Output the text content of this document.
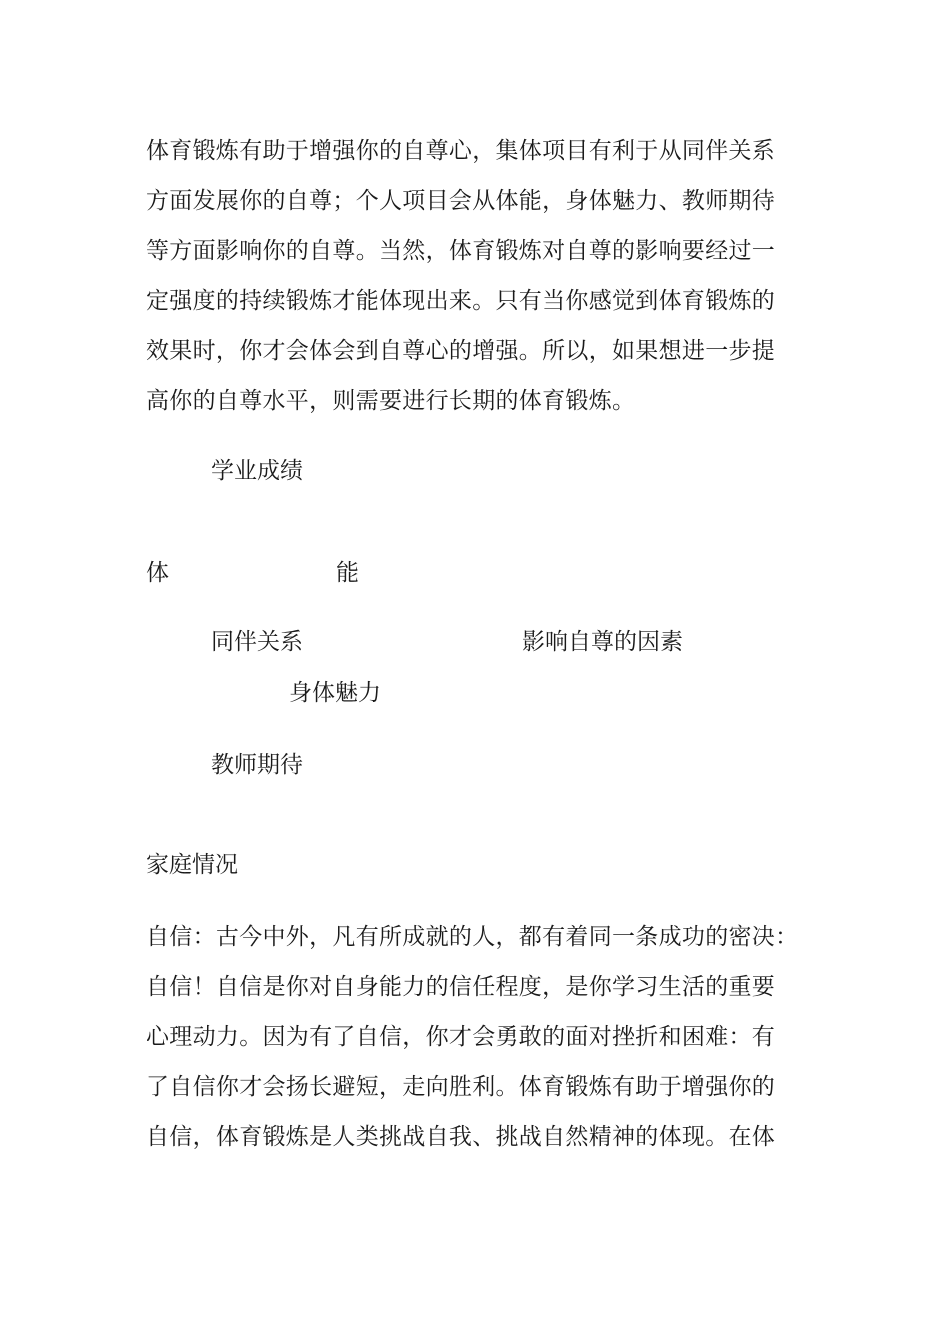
体育锻炼有助于增强你的自尊心，集体项目有利于从同伴关系
方面发展你的自尊；个人项目会从体能，身体魅力、教师期待
等方面影响你的自尊。当然，体育锻炼对自尊的影响要经过一
定强度的持续锻炼才能体现出来。只有当你感觉到体育锻炼的
效果时，你才会体会到自尊心的增强。所以，如果想进一步提
高你的自尊水平，则需要进行长期的体育锻炼。

学业成绩

体	能

同伴关系	影响自尊的因素

身体魅力

教师期待

家庭情况

自信：古今中外，凡有所成就的人，都有着同一条成功的密决：
自信！自信是你对自身能力的信任程度，是你学习生活的重要
心理动力。因为有了自信，你才会勇敢的面对挫折和困难：有
了自信你才会扬长避短，走向胜利。体育锻炼有助于增强你的
自信，体育锻炼是人类挑战自我、挑战自然精神的体现。在体
